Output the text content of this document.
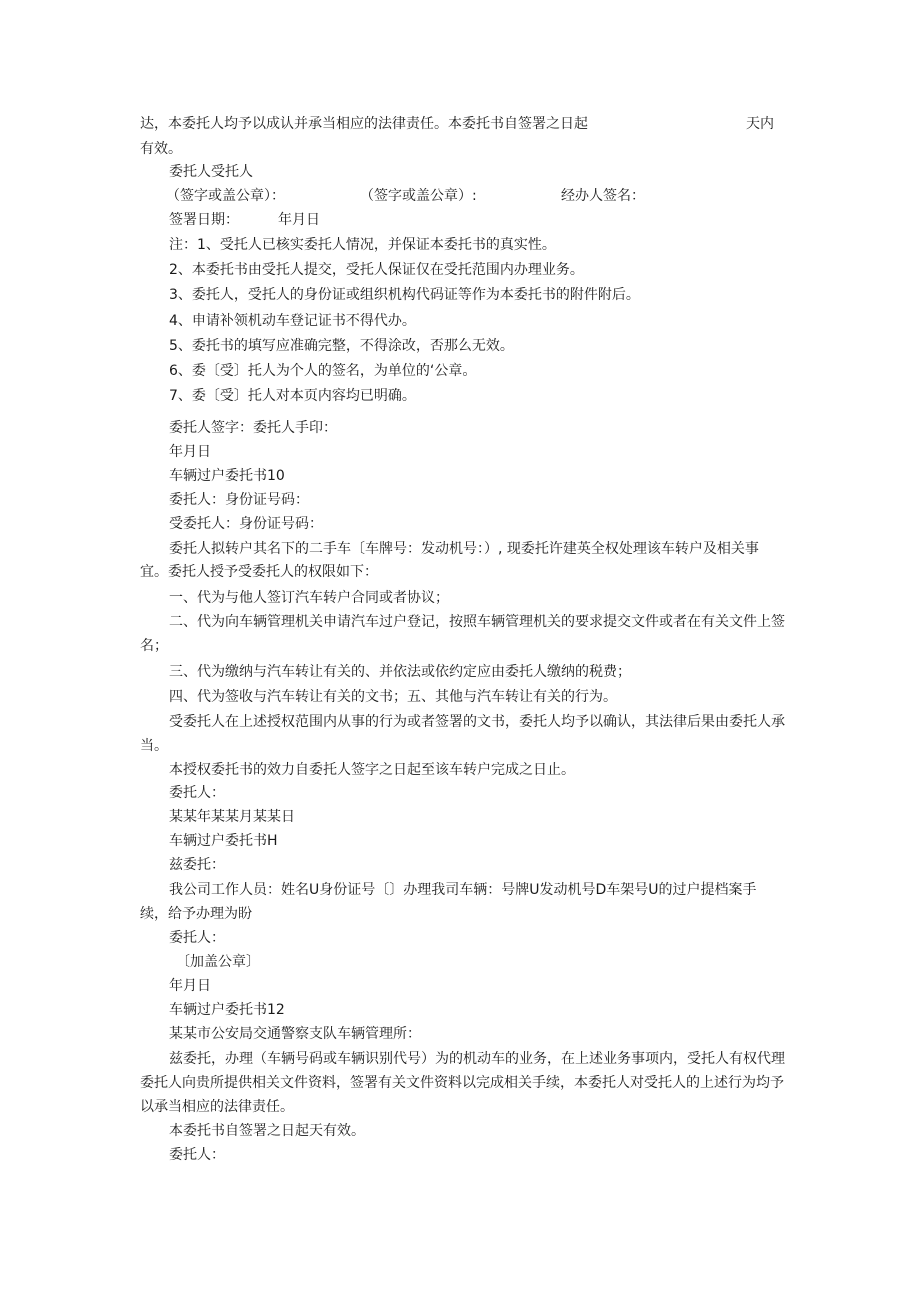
达，本委托人均予以成认并承当相应的法律责任。本委托书自签署之日起	天内
有效。
委托人受托人
（签字或盖公章）：	（签字或盖公章）:	经办人签名：
签署日期：	年月日
注：1、受托人已核实委托人情况，并保证本委托书的真实性。
2、本委托书由受托人提交，受托人保证仅在受托范围内办理业务。
3、委托人，受托人的身份证或组织机构代码证等作为本委托书的附件附后。
4、申请补领机动车登记证书不得代办。
5、委托书的填写应准确完整，不得涂改，否那么无效。
6、委〔受〕托人为个人的签名，为单位的‘公章。
7、委〔受〕托人对本页内容均已明确。
委托人签字：委托人手印：
年月日
车辆过户委托书10
委托人：身份证号码：
受委托人：身份证号码：
委托人拟转户其名下的二手车〔车牌号：发动机号：）, 现委托许建英全权处理该车转户及相关事
宜。委托人授予受委托人的权限如下：
一、代为与他人签订汽车转户合同或者协议；
二、代为向车辆管理机关申请汽车过户登记，按照车辆管理机关的要求提交文件或者在有关文件上签
名；
三、代为缴纳与汽车转让有关的、并依法或依约定应由委托人缴纳的税费；
四、代为签收与汽车转让有关的文书；五、其他与汽车转让有关的行为。
受委托人在上述授权范围内从事的行为或者签署的文书，委托人均予以确认，其法律后果由委托人承
当。
本授权委托书的效力自委托人签字之日起至该车转户完成之日止。
委托人：
某某年某某月某某日
车辆过户委托书H
兹委托：
我公司工作人员：姓名U身份证号〔〕办理我司车辆：号牌U发动机号D车架号U的过户提档案手
续，给予办理为盼
委托人：
〔加盖公章〕
年月日
车辆过户委托书12
某某市公安局交通警察支队车辆管理所：
兹委托，办理（车辆号码或车辆识别代号）为的机动车的业务，在上述业务事项内，受托人有权代理
委托人向贵所提供相关文件资料，签署有关文件资料以完成相关手续，本委托人对受托人的上述行为均予
以承当相应的法律责任。
本委托书自签署之日起天有效。
委托人：
